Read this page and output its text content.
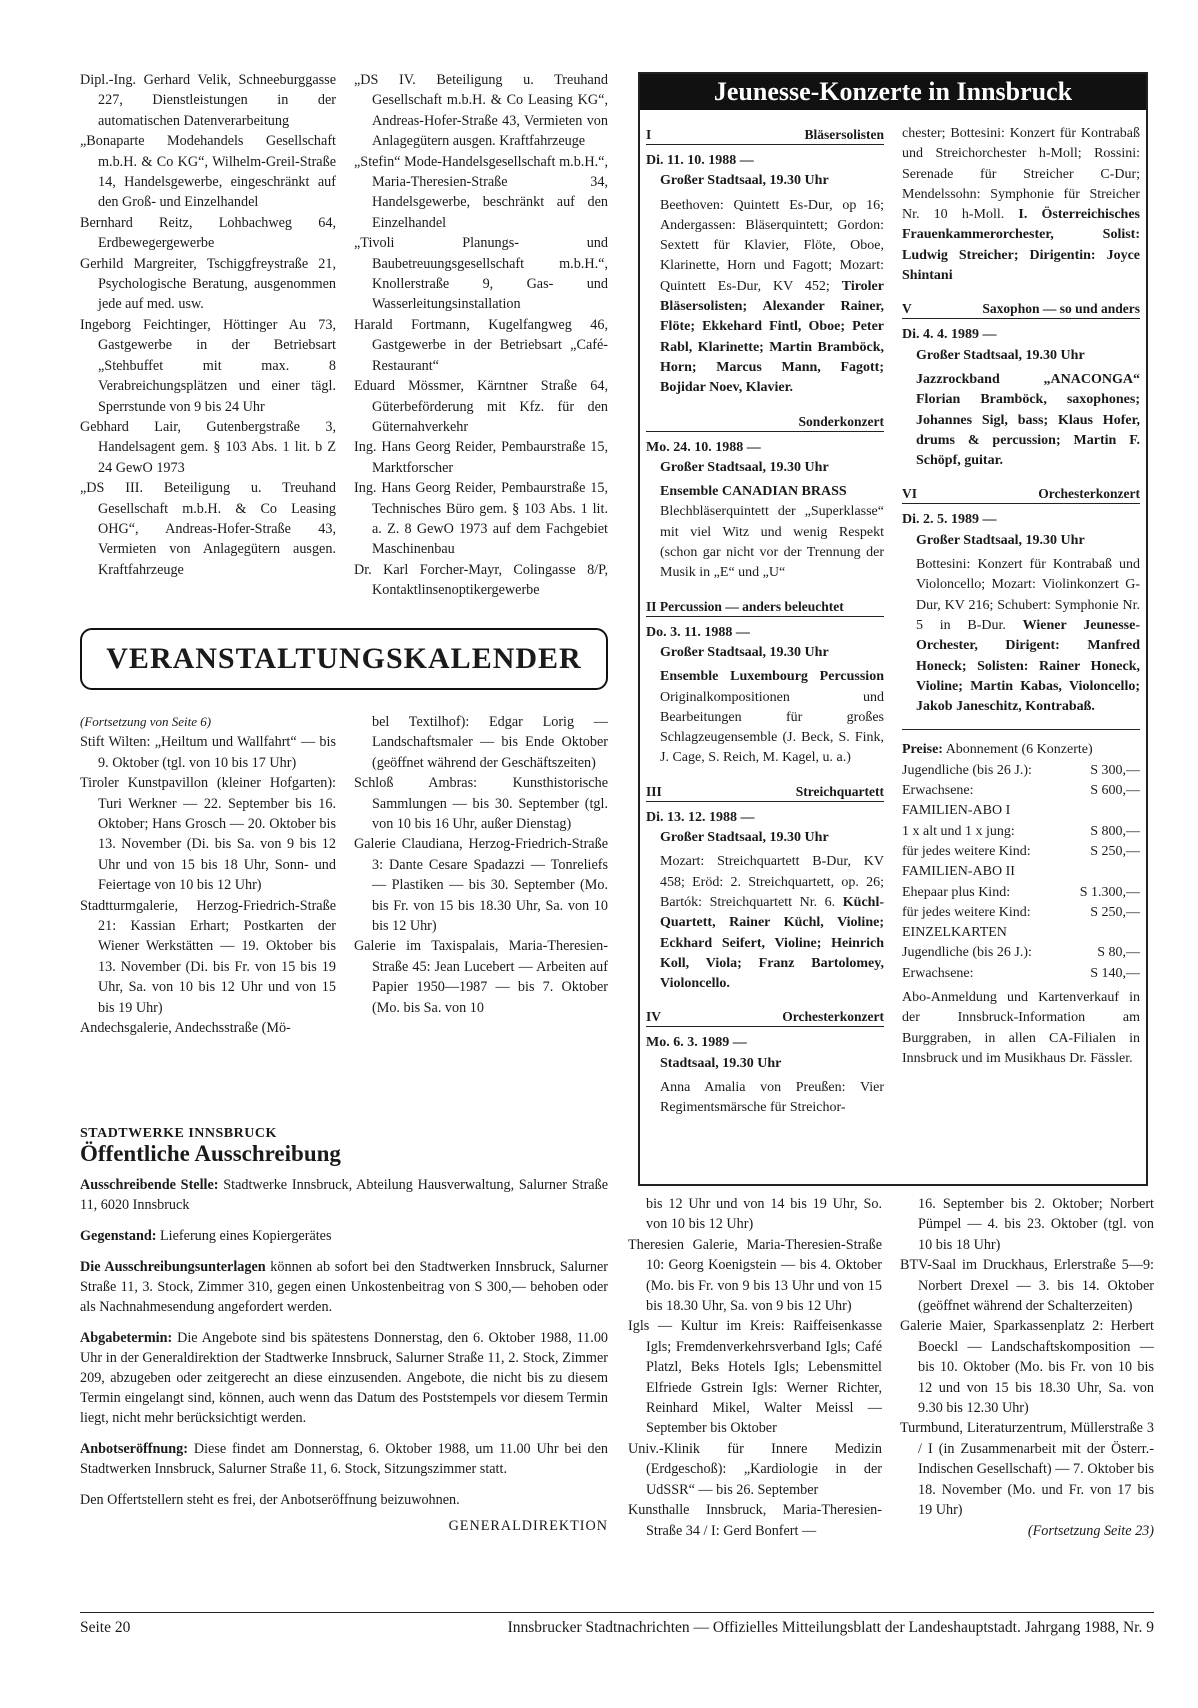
Dipl.-Ing. Gerhard Velik, Schneeburggasse 227, Dienstleistungen in der automatischen Datenverarbeitung

„Bonaparte Modehandels Gesellschaft m.b.H. & Co KG“, Wilhelm-Greil-Straße 14, Handelsgewerbe, eingeschränkt auf den Groß- und Einzelhandel

Bernhard Reitz, Lohbachweg 64, Erdbewegergewerbe

Gerhild Margreiter, Tschiggfreystraße 21, Psychologische Beratung, ausgenommen jede auf med. usw.

Ingeborg Feichtinger, Höttinger Au 73, Gastgewerbe in der Betriebsart „Stehbuffet mit max. 8 Verabreichungsplätzen und einer tägl. Sperrstunde von 9 bis 24 Uhr

Gebhard Lair, Gutenbergstraße 3, Handelsagent gem. § 103 Abs. 1 lit. b Z 24 GewO 1973

„DS III. Beteiligung u. Treuhand Gesellschaft m.b.H. & Co Leasing OHG“, Andreas-Hofer-Straße 43, Vermieten von Anlagegütern ausgen. Kraftfahrzeuge

„DS IV. Beteiligung u. Treuhand Gesellschaft m.b.H. & Co Leasing KG“, Andreas-Hofer-Straße 43, Vermieten von Anlagegütern ausgen. Kraftfahrzeuge

„Stefin“ Mode-Handelsgesellschaft m.b.H.“, Maria-Theresien-Straße 34, Handelsgewerbe, beschränkt auf den Einzelhandel

„Tivoli Planungs- und Baubetreuungsgesellschaft m.b.H.“, Knollerstraße 9, Gas- und Wasserleitungsinstallation

Harald Fortmann, Kugelfangweg 46, Gastgewerbe in der Betriebsart „Café-Restaurant“

Eduard Mössmer, Kärntner Straße 64, Güterbeförderung mit Kfz. für den Güternahverkehr

Ing. Hans Georg Reider, Pembaurstraße 15, Marktforscher

Ing. Hans Georg Reider, Pembaurstraße 15, Technisches Büro gem. § 103 Abs. 1 lit. a. Z. 8 GewO 1973 auf dem Fachgebiet Maschinenbau

Dr. Karl Forcher-Mayr, Colingasse 8/P, Kontaktlinsenoptikergewerbe

Jeunesse-Konzerte in Innsbruck
I	Bläsersolisten

Di. 11. 10. 1988 —

Großer Stadtsaal, 19.30 Uhr

Beethoven: Quintett Es-Dur, op 16; Andergassen: Bläserquintett; Gordon: Sextett für Klavier, Flöte, Oboe, Klarinette, Horn und Fagott; Mozart: Quintett Es-Dur, KV 452; Tiroler Bläsersolisten; Alexander Rainer, Flöte; Ekkehard Fintl, Oboe; Peter Rabl, Klarinette; Martin Bramböck, Horn; Marcus Mann, Fagott; Bojidar Noev, Klavier.

Sonderkonzert

Mo. 24. 10. 1988 —

Großer Stadtsaal, 19.30 Uhr

Ensemble CANADIAN BRASS

Blechbläserquintett der „Superklasse“ mit viel Witz und wenig Respekt (schon gar nicht vor der Trennung der Musik in „E“ und „U“

II Percussion — anders beleuchtet

Do. 3. 11. 1988 —

Großer Stadtsaal, 19.30 Uhr

Ensemble Luxembourg Percussion Originalkompositionen und Bearbeitungen für großes Schlagzeugensemble (J. Beck, S. Fink, J. Cage, S. Reich, M. Kagel, u. a.)

III	Streichquartett

Di. 13. 12. 1988 —

Großer Stadtsaal, 19.30 Uhr

Mozart: Streichquartett B-Dur, KV 458; Eröd: 2. Streichquartett, op. 26; Bartók: Streichquartett Nr. 6. Küchl-Quartett, Rainer Küchl, Violine; Eckhard Seifert, Violine; Heinrich Koll, Viola; Franz Bartolomey, Violoncello.

IV	Orchesterkonzert

Mo. 6. 3. 1989 —

Stadtsaal, 19.30 Uhr

Anna Amalia von Preußen: Vier Regimentsmärsche für Streichor-

chester; Bottesini: Konzert für Kontrabaß und Streichorchester h-Moll; Rossini: Serenade für Streicher C-Dur; Mendelssohn: Symphonie für Streicher Nr. 10 h-Moll. I. Österreichisches Frauenkammerorchester, Solist: Ludwig Streicher; Dirigentin: Joyce Shintani

V	Saxophon — so und anders

Di. 4. 4. 1989 —

Großer Stadtsaal, 19.30 Uhr

Jazzrockband „ANACONGA“ Florian Bramböck, saxophones; Johannes Sigl, bass; Klaus Hofer, drums & percussion; Martin F. Schöpf, guitar.

VI	Orchesterkonzert

Di. 2. 5. 1989 —

Großer Stadtsaal, 19.30 Uhr

Bottesini: Konzert für Kontrabaß und Violoncello; Mozart: Violinkonzert G-Dur, KV 216; Schubert: Symphonie Nr. 5 in B-Dur. Wiener Jeunesse-Orchester, Dirigent: Manfred Honeck; Solisten: Rainer Honeck, Violine; Martin Kabas, Violoncello; Jakob Janeschitz, Kontrabaß.

Preise: Abonnement (6 Konzerte)

Jugendliche (bis 26 J.):	S 300,—
Erwachsene:	S 600,—

FAMILIEN-ABO I

1 x alt und 1 x jung:	S 800,—
für jedes weitere Kind:	S 250,—

FAMILIEN-ABO II

Ehepaar plus Kind:	S 1.300,—
für jedes weitere Kind:	S 250,—

EINZELKARTEN

Jugendliche (bis 26 J.):	S 80,—
Erwachsene:	S 140,—

Abo-Anmeldung und Kartenverkauf in der Innsbruck-Information am Burggraben, in allen CA-Filialen in Innsbruck und im Musikhaus Dr. Fässler.

VERANSTALTUNGSKALENDER

(Fortsetzung von Seite 6)

Stift Wilten: „Heiltum und Wallfahrt“ — bis 9. Oktober (tgl. von 10 bis 17 Uhr)

Tiroler Kunstpavillon (kleiner Hofgarten): Turi Werkner — 22. September bis 16. Oktober; Hans Grosch — 20. Oktober bis 13. November (Di. bis Sa. von 9 bis 12 Uhr und von 15 bis 18 Uhr, Sonn- und Feiertage von 10 bis 12 Uhr)

Stadtturmgalerie, Herzog-Friedrich-Straße 21: Kassian Erhart; Postkarten der Wiener Werkstätten — 19. Oktober bis 13. November (Di. bis Fr. von 15 bis 19 Uhr, Sa. von 10 bis 12 Uhr und von 15 bis 19 Uhr)

Andechsgalerie, Andechsstraße (Mö-

bel Textilhof): Edgar Lorig — Landschaftsmaler — bis Ende Oktober (geöffnet während der Geschäftszeiten)

Schloß Ambras: Kunsthistorische Sammlungen — bis 30. September (tgl. von 10 bis 16 Uhr, außer Dienstag)

Galerie Claudiana, Herzog-Friedrich-Straße 3: Dante Cesare Spadazzi — Tonreliefs — Plastiken — bis 30. September (Mo. bis Fr. von 15 bis 18.30 Uhr, Sa. von 10 bis 12 Uhr)

Galerie im Taxispalais, Maria-Theresien-Straße 45: Jean Lucebert — Arbeiten auf Papier 1950—1987 — bis 7. Oktober (Mo. bis Sa. von 10

STADTWERKE INNSBRUCK

Öffentliche Ausschreibung

Ausschreibende Stelle: Stadtwerke Innsbruck, Abteilung Hausverwaltung, Salurner Straße 11, 6020 Innsbruck

Gegenstand: Lieferung eines Kopiergerätes

Die Ausschreibungsunterlagen können ab sofort bei den Stadtwerken Innsbruck, Salurner Straße 11, 3. Stock, Zimmer 310, gegen einen Unkostenbeitrag von S 300,— behoben oder als Nachnahmesendung angefordert werden.

Abgabetermin: Die Angebote sind bis spätestens Donnerstag, den 6. Oktober 1988, 11.00 Uhr in der Generaldirektion der Stadtwerke Innsbruck, Salurner Straße 11, 2. Stock, Zimmer 209, abzugeben oder zeitgerecht an diese einzusenden. Angebote, die nicht bis zu diesem Termin eingelangt sind, können, auch wenn das Datum des Poststempels vor diesem Termin liegt, nicht mehr berücksichtigt werden.

Anbotseröffnung: Diese findet am Donnerstag, 6. Oktober 1988, um 11.00 Uhr bei den Stadtwerken Innsbruck, Salurner Straße 11, 6. Stock, Sitzungszimmer statt.

Den Offertstellern steht es frei, der Anbotseröffnung beizuwohnen.

GENERALDIREKTION

bis 12 Uhr und von 14 bis 19 Uhr, So. von 10 bis 12 Uhr)

Theresien Galerie, Maria-Theresien-Straße 10: Georg Koenigstein — bis 4. Oktober (Mo. bis Fr. von 9 bis 13 Uhr und von 15 bis 18.30 Uhr, Sa. von 9 bis 12 Uhr)

Igls — Kultur im Kreis: Raiffeisenkasse Igls; Fremdenverkehrsverband Igls; Café Platzl, Beks Hotels Igls; Lebensmittel Elfriede Gstrein Igls: Werner Richter, Reinhard Mikel, Walter Meissl — September bis Oktober

Univ.-Klinik für Innere Medizin (Erdgeschoß): „Kardiologie in der UdSSR“ — bis 26. September

Kunsthalle Innsbruck, Maria-Theresien-Straße 34 / I: Gerd Bonfert —

16. September bis 2. Oktober; Norbert Pümpel — 4. bis 23. Oktober (tgl. von 10 bis 18 Uhr)

BTV-Saal im Druckhaus, Erlerstraße 5—9: Norbert Drexel — 3. bis 14. Oktober (geöffnet während der Schalterzeiten)

Galerie Maier, Sparkassenplatz 2: Herbert Boeckl — Landschaftskomposition — bis 10. Oktober (Mo. bis Fr. von 10 bis 12 und von 15 bis 18.30 Uhr, Sa. von 9.30 bis 12.30 Uhr)

Turmbund, Literaturzentrum, Müllerstraße 3 / I (in Zusammenarbeit mit der Österr.-Indischen Gesellschaft) — 7. Oktober bis 18. November (Mo. und Fr. von 17 bis 19 Uhr)

(Fortsetzung Seite 23)

Seite 20	Innsbrucker Stadtnachrichten — Offizielles Mitteilungsblatt der Landeshauptstadt. Jahrgang 1988, Nr. 9
